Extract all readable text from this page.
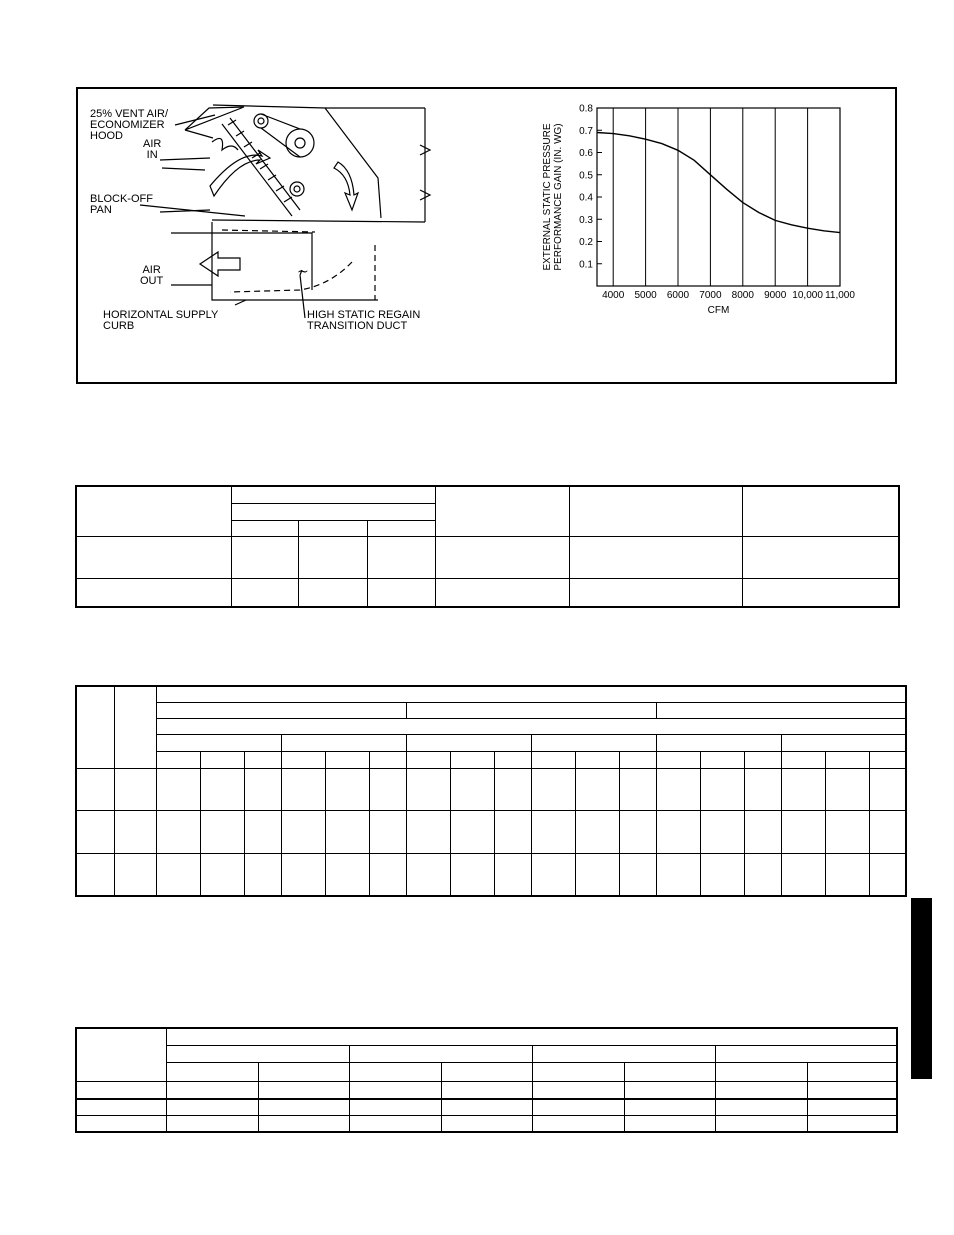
~
25% VENT AIR/
ECONOMIZER
HOOD
AIR
IN
BLOCK-OFF
PAN
AIR
OUT
HORIZONTAL SUPPLY
CURB
HIGH STATIC REGAIN
TRANSITION DUCT
4000 5000 6000 7000 8000 9000 10,000 11,000
0.1
0.2
0.3
0.4
0.5
0.6
0.7
0.8
CFM
EXTERNAL STATIC PRESSURE PERFORMANCE GAIN (IN. WG)
